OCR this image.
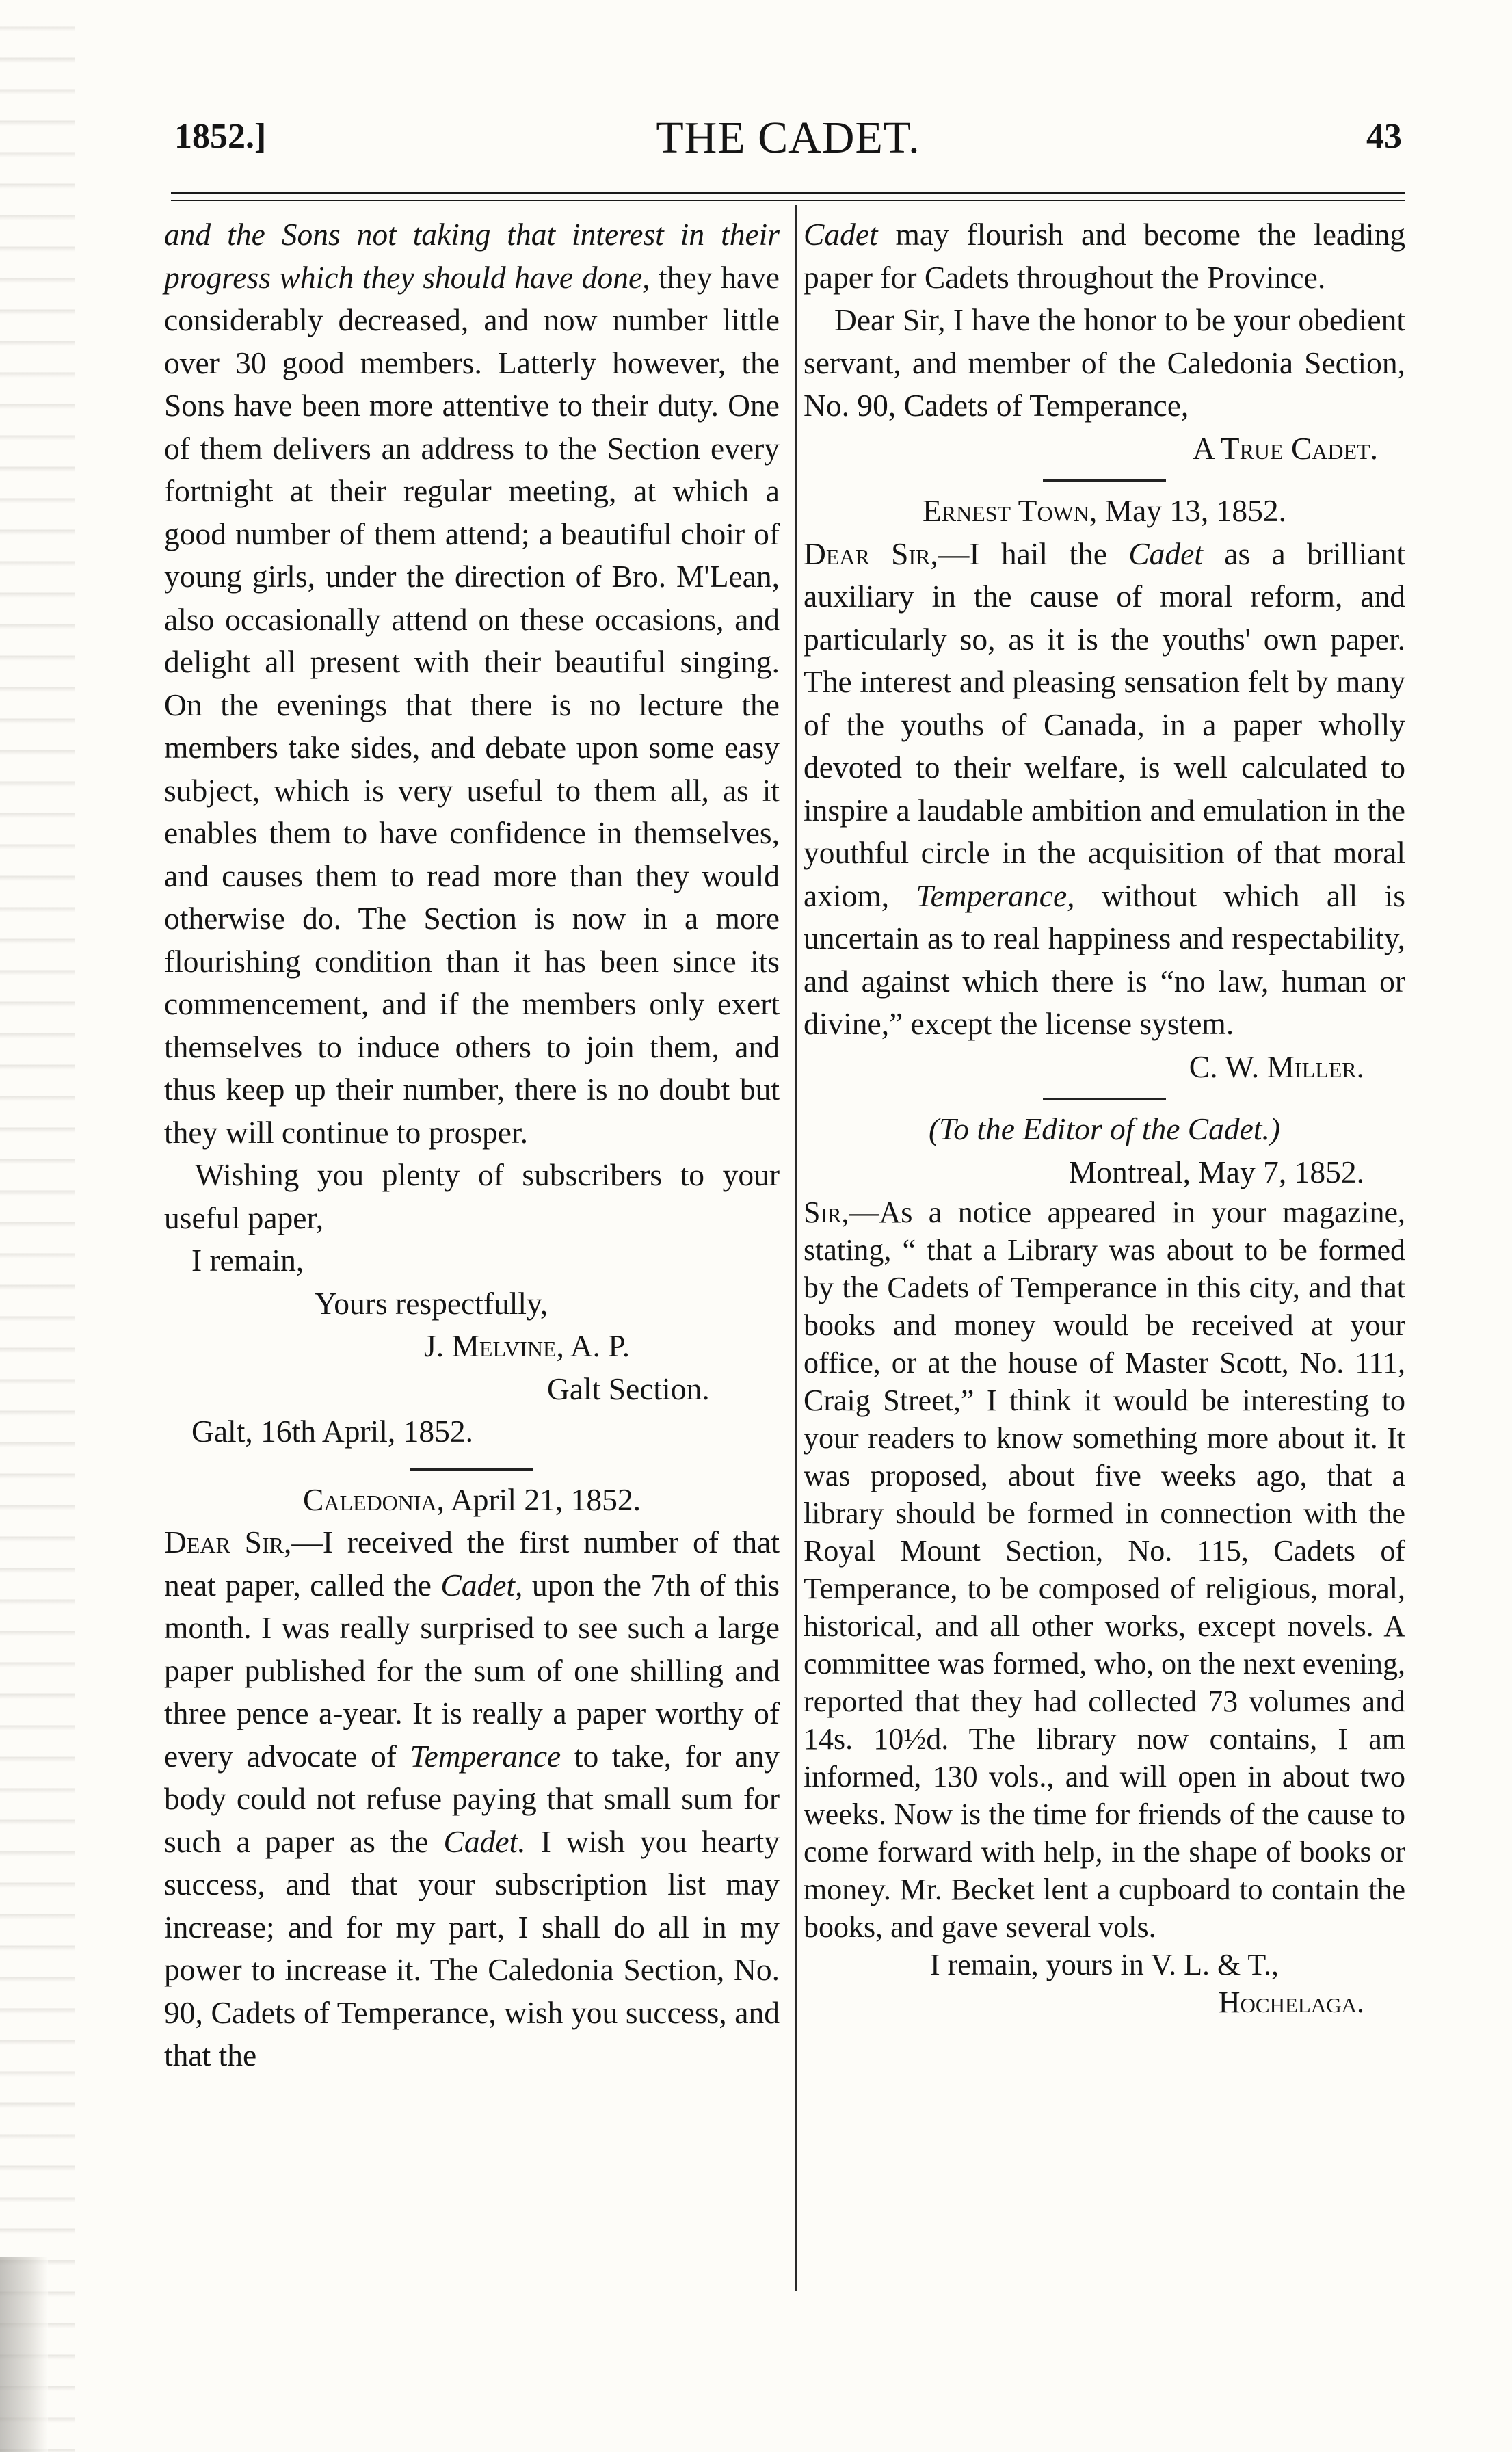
1852.]	THE CADET.	43

and the Sons not taking that interest in their progress which they should have done, they have considerably decreased, and now number little over 30 good members. Latterly however, the Sons have been more attentive to their duty. One of them delivers an address to the Section every fortnight at their regular meeting, at which a good number of them attend; a beautiful choir of young girls, under the direction of Bro. M'Lean, also occasionally attend on these occasions, and delight all present with their beautiful singing. On the evenings that there is no lecture the members take sides, and debate upon some easy subject, which is very useful to them all, as it enables them to have confidence in themselves, and causes them to read more than they would otherwise do. The Section is now in a more flourishing condition than it has been since its commencement, and if the members only exert themselves to induce others to join them, and thus keep up their number, there is no doubt but they will continue to prosper.

Wishing you plenty of subscribers to your useful paper,

I remain,

Yours respectfully,

J. Melvine, A. P.

Galt Section.

Galt, 16th April, 1852.

Caledonia, April 21, 1852.

Dear Sir,—I received the first number of that neat paper, called the Cadet, upon the 7th of this month. I was really surprised to see such a large paper published for the sum of one shilling and three pence a-year. It is really a paper worthy of every advocate of Temperance to take, for any body could not refuse paying that small sum for such a paper as the Cadet. I wish you hearty success, and that your subscription list may increase; and for my part, I shall do all in my power to increase it. The Caledonia Section, No. 90, Cadets of Temperance, wish you success, and that the

Cadet may flourish and become the leading paper for Cadets throughout the Province.

Dear Sir, I have the honor to be your obedient servant, and member of the Caledonia Section, No. 90, Cadets of Temperance,

A True Cadet.

Ernest Town, May 13, 1852.

Dear Sir,—I hail the Cadet as a brilliant auxiliary in the cause of moral reform, and particularly so, as it is the youths' own paper. The interest and pleasing sensation felt by many of the youths of Canada, in a paper wholly devoted to their welfare, is well calculated to inspire a laudable ambition and emulation in the youthful circle in the acquisition of that moral axiom, Temperance, without which all is uncertain as to real happiness and respectability, and against which there is “no law, human or divine,” except the license system.

C. W. Miller.

(To the Editor of the Cadet.)

Montreal, May 7, 1852.

Sir,—As a notice appeared in your magazine, stating, “ that a Library was about to be formed by the Cadets of Temperance in this city, and that books and money would be received at your office, or at the house of Master Scott, No. 111, Craig Street,” I think it would be interesting to your readers to know something more about it. It was proposed, about five weeks ago, that a library should be formed in connection with the Royal Mount Section, No. 115, Cadets of Temperance, to be composed of religious, moral, historical, and all other works, except novels. A committee was formed, who, on the next evening, reported that they had collected 73 volumes and 14s. 10½d. The library now contains, I am informed, 130 vols., and will open in about two weeks. Now is the time for friends of the cause to come forward with help, in the shape of books or money. Mr. Becket lent a cupboard to contain the books, and gave several vols.

I remain, yours in V. L. & T.,

Hochelaga.
